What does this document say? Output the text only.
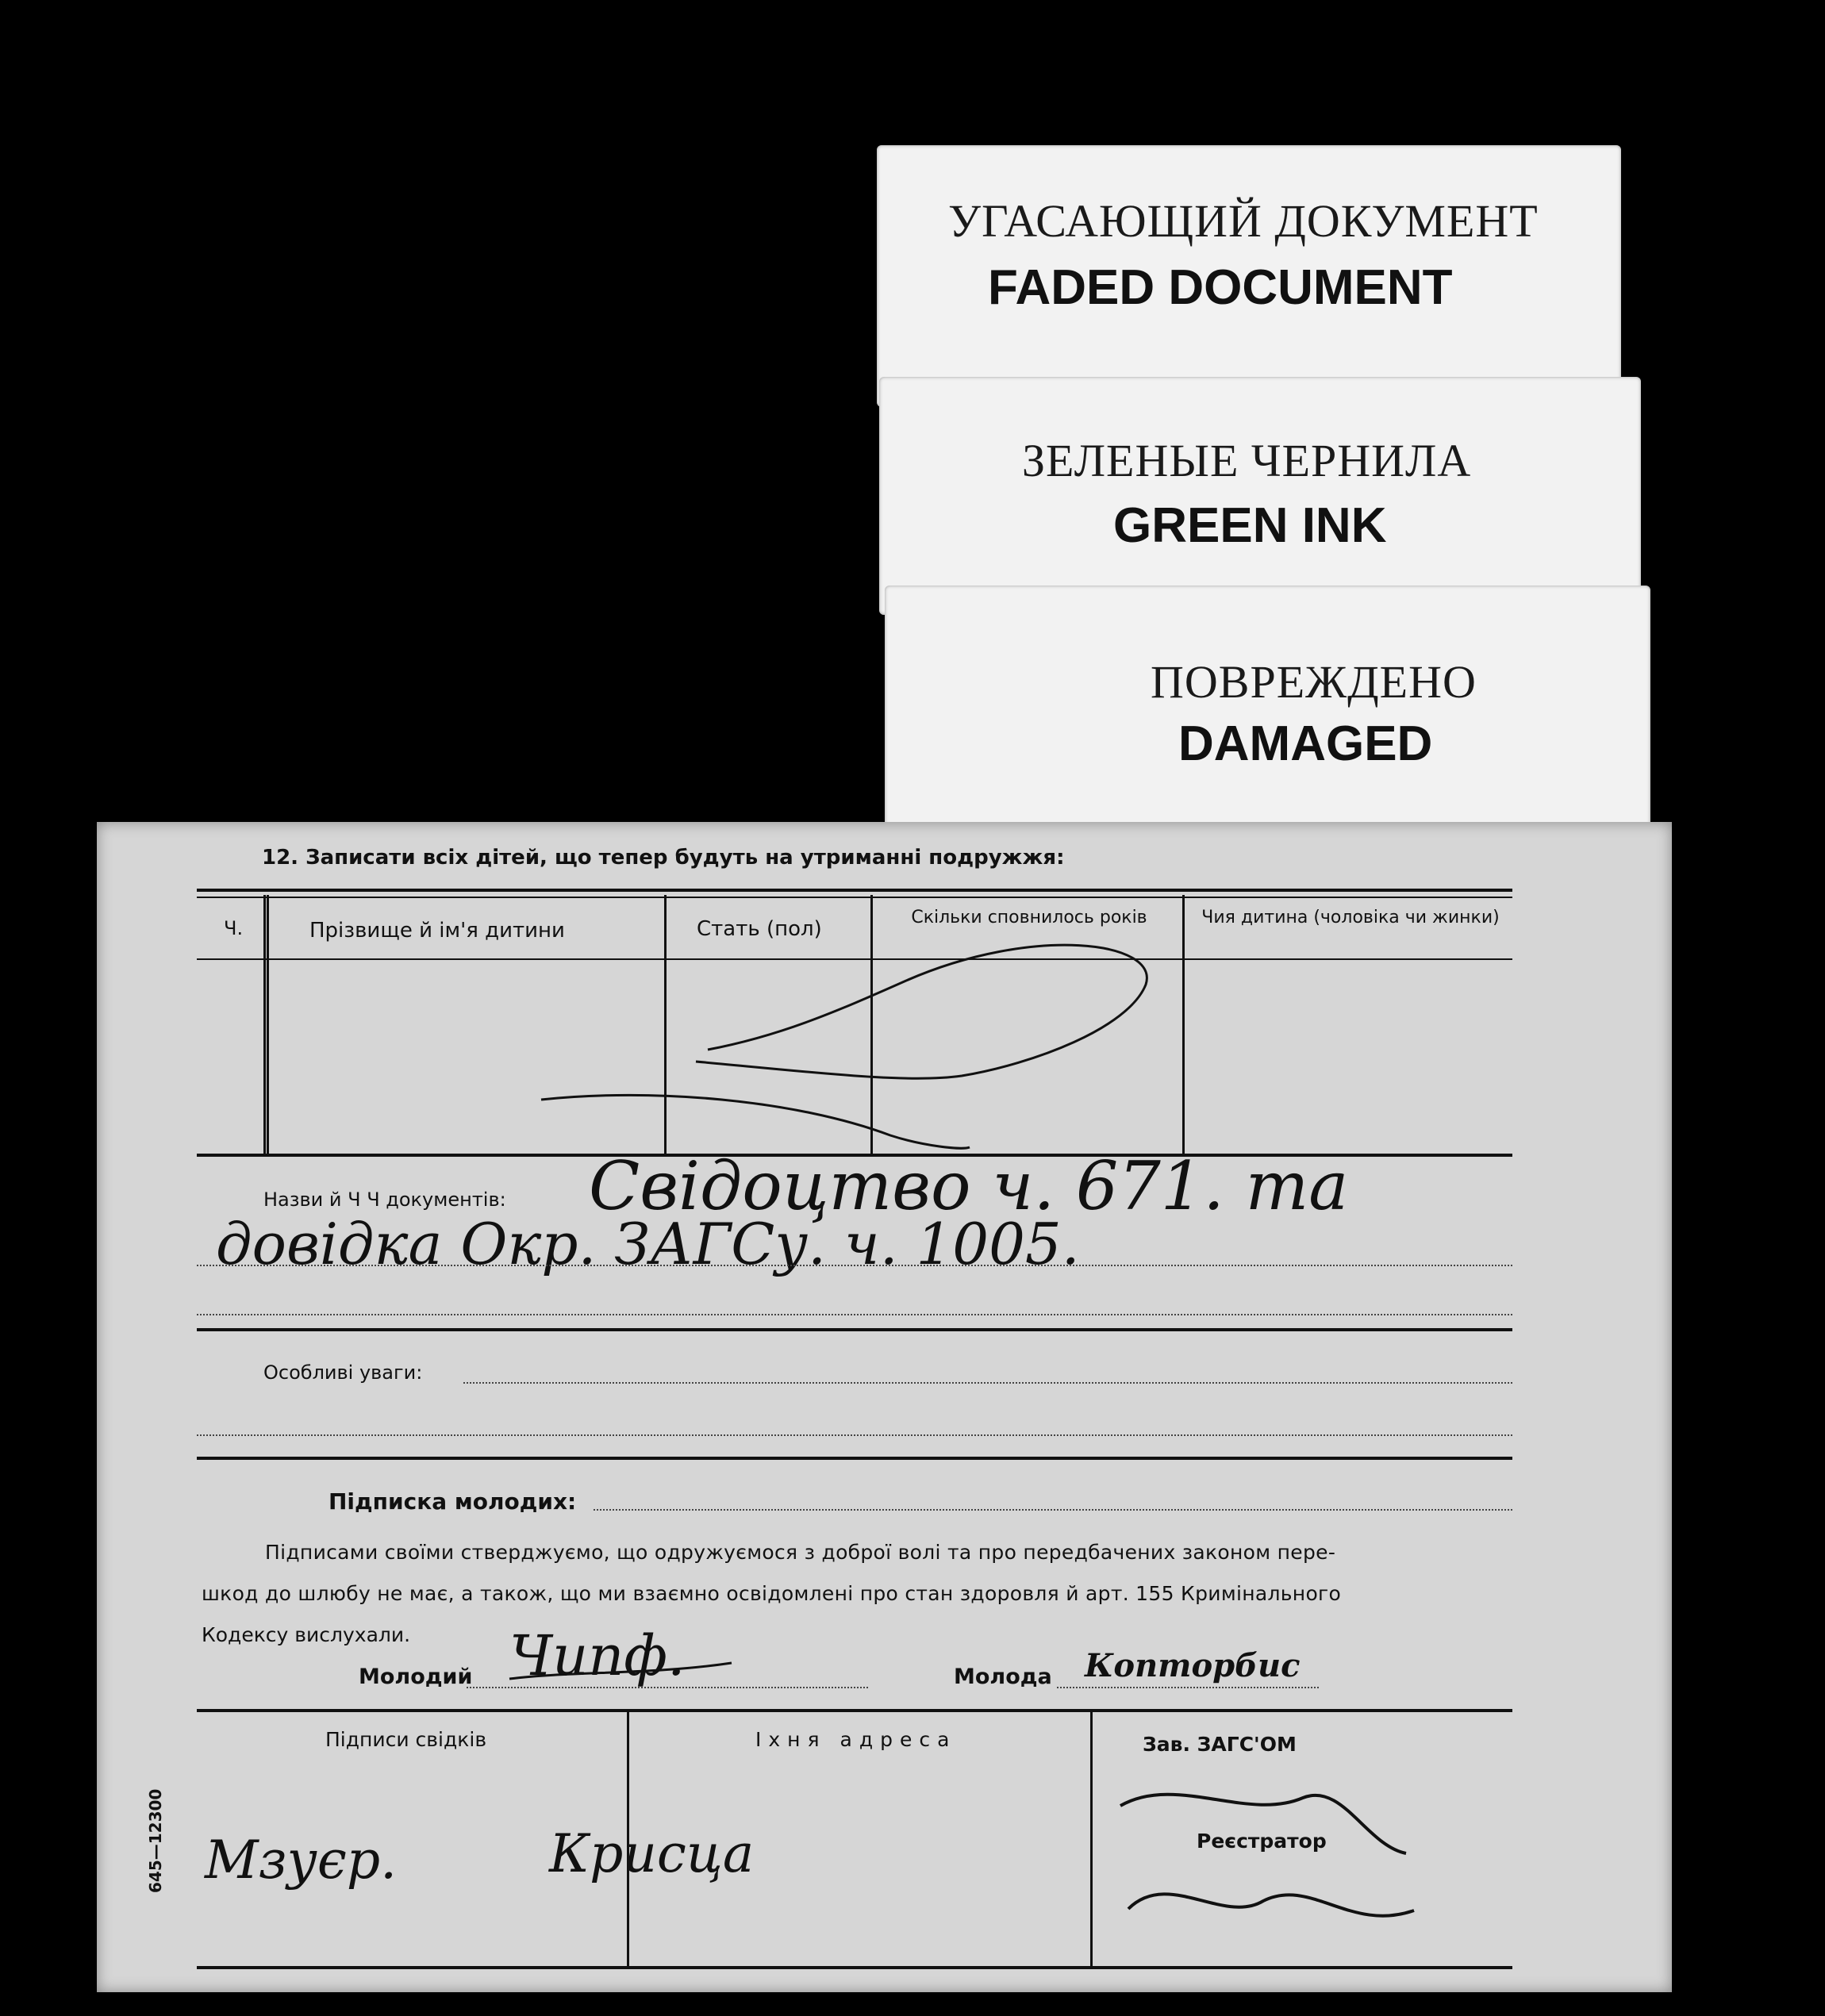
УГАСАЮЩИЙ ДОКУМЕНТ
FADED DOCUMENT
ЗЕЛЕНЫЕ ЧЕРНИЛА
GREEN INK
ПОВРЕЖДЕНО
DAMAGED
12. Записати всіх дітей, що тепер будуть на утриманні подружжя:
Ч.	Прізвище й ім'я дитини	Стать (пол)	Скільки сповнилось років	Чия дитина (чоловіка чи жинки)
Назви й Ч Ч документів: Свідоцтво ч. 671. та
довідка Окр. ЗАГСу. ч. 1005.
Особливі уваги:
Підписка молодих:
Підписами своїми стверджуємо, що одружуємося з доброї волі та про передбачених законом пере-
шкод до шлюбу не має, а також, що ми взаємно освідомлені про стан здоровля й арт. 155 Кримінального
Кодексу вислухали.
Молодий Чипф.	Молода Копторбис
Підписи свідків	Іхня адреса	Зав. ЗАГС'ОМ
Реєстратор
Мзуєр.	Крисца
645—12300
